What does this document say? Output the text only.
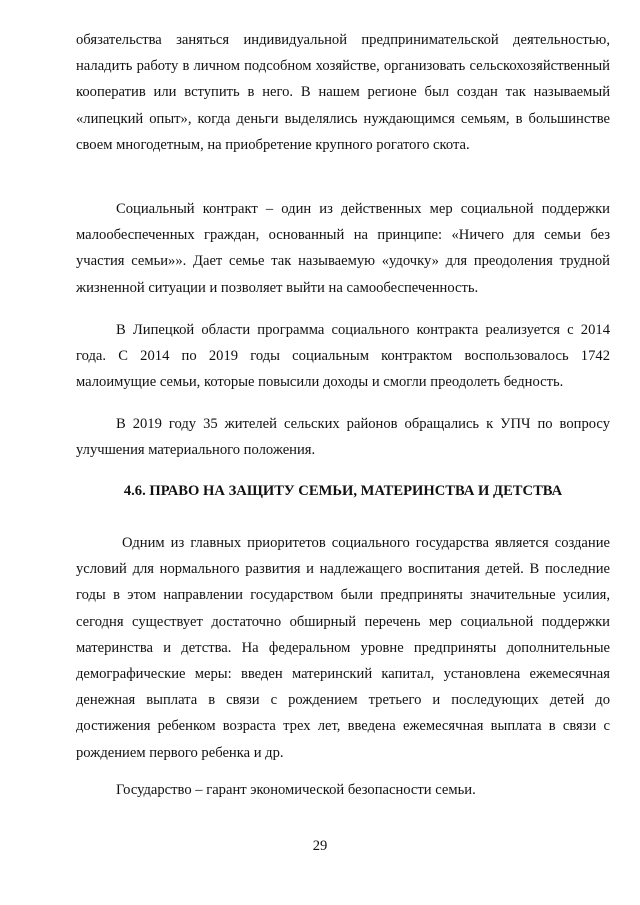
обязательства заняться индивидуальной предпринимательской деятельностью, наладить работу в личном подсобном хозяйстве, организовать сельскохозяйственный кооператив или вступить в него. В нашем регионе был создан так называемый «липецкий опыт», когда деньги выделялись нуждающимся семьям, в большинстве своем многодетным, на приобретение крупного рогатого скота.

Социальный контракт – один из действенных мер социальной поддержки малообеспеченных граждан, основанный на принципе: «Ничего для семьи без участия семьи»». Дает семье так называемую «удочку» для преодоления трудной жизненной ситуации и позволяет выйти на самообеспеченность.

В Липецкой области программа социального контракта реализуется с 2014 года. С 2014 по 2019 годы социальным контрактом воспользовалось 1742 малоимущие семьи, которые повысили доходы и смогли преодолеть бедность.

В 2019 году 35 жителей сельских районов обращались к УПЧ по вопросу улучшения материального положения.

4.6. ПРАВО НА ЗАЩИТУ СЕМЬИ, МАТЕРИНСТВА И ДЕТСТВА

Одним из главных приоритетов социального государства является создание условий для нормального развития и надлежащего воспитания детей. В последние годы в этом направлении государством были предприняты значительные усилия, сегодня существует достаточно обширный перечень мер социальной поддержки материнства и детства. На федеральном уровне предприняты дополнительные демографические меры: введен материнский капитал, установлена ежемесячная денежная выплата в связи с рождением третьего и последующих детей до достижения ребенком возраста трех лет, введена ежемесячная выплата в связи с рождением первого ребенка и др.

Государство – гарант экономической безопасности семьи.

29
